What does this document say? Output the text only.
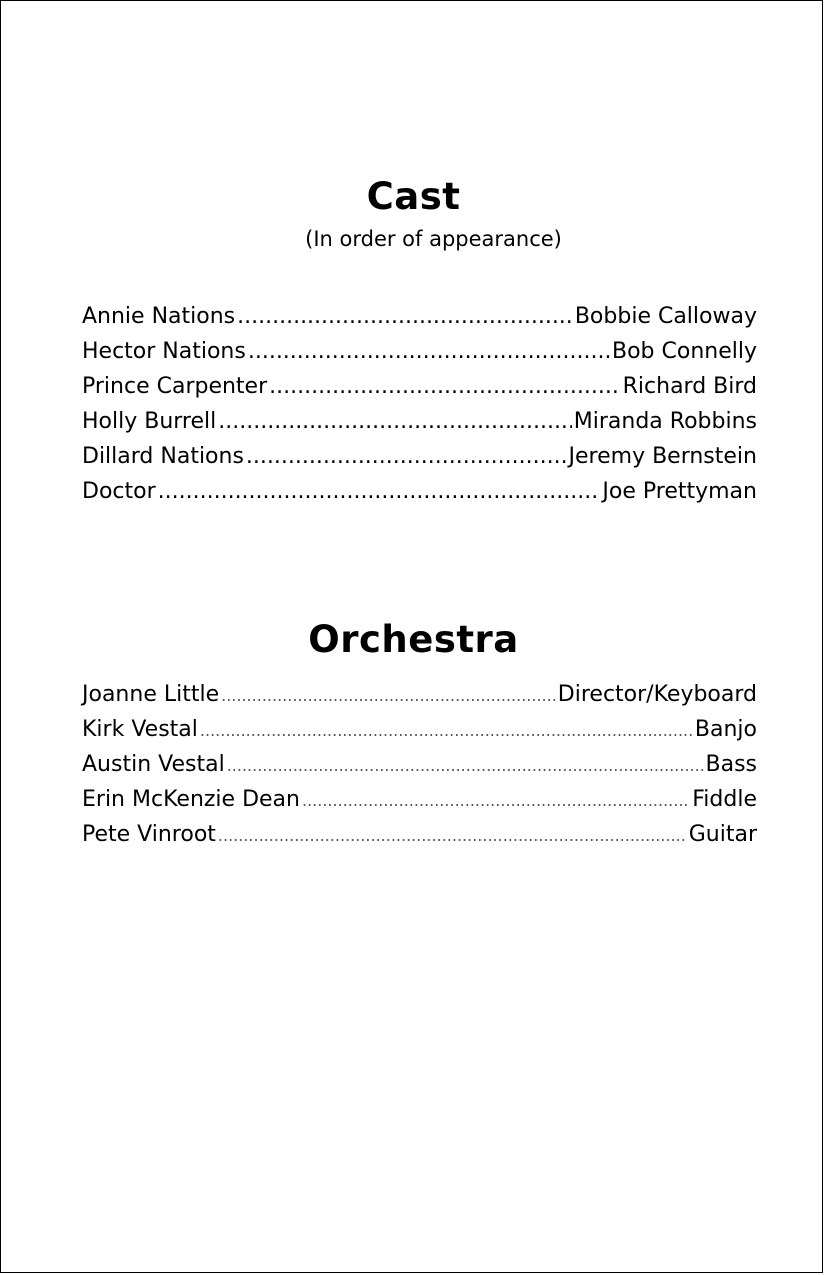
Cast
(In order of appearance)
Annie Nations .....	Bobbie Calloway
Hector Nations .....	Bob Connelly
Prince Carpenter .....	Richard Bird
Holly Burrell .....	Miranda Robbins
Dillard Nations .....	Jeremy Bernstein
Doctor .....	Joe Prettyman
Orchestra
Joanne Little .....	Director/Keyboard
Kirk Vestal .....	Banjo
Austin Vestal .....	Bass
Erin McKenzie Dean .....	Fiddle
Pete Vinroot .....	Guitar
